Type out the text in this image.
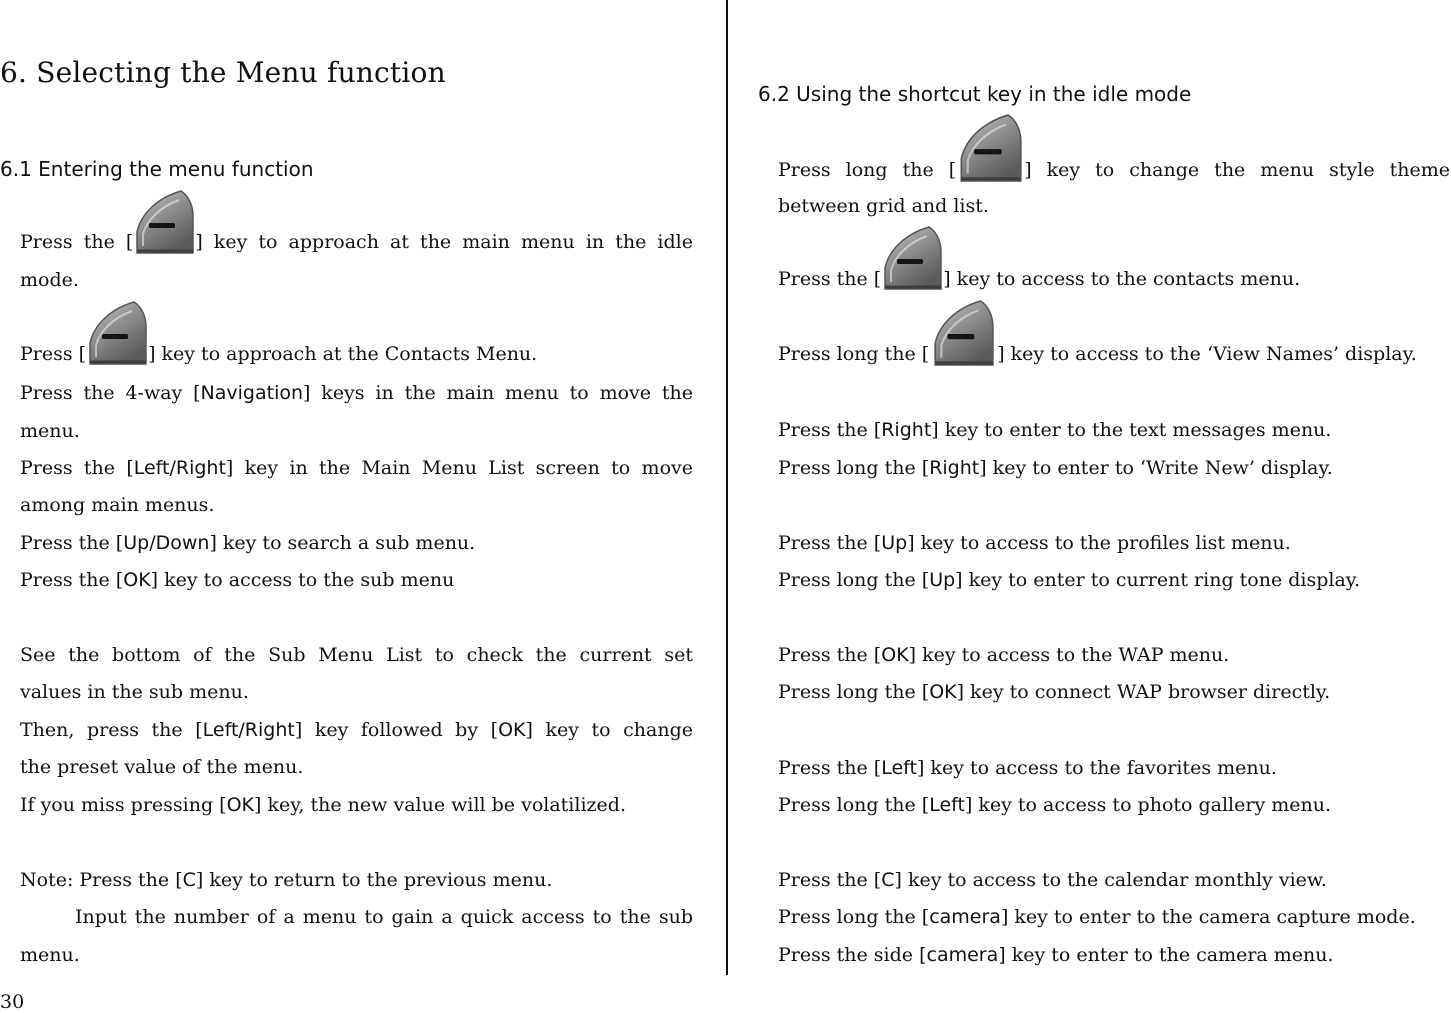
6. Selecting the Menu function
6.1 Entering the menu function
Press the [	] key to approach at the main menu in the idle
mode.
Press [	] key to approach at the Contacts Menu.
Press the 4-way [Navigation] keys in the main menu to move the
menu.
Press the [Left/Right] key in the Main Menu List screen to move
among main menus.
Press the [Up/Down] key to search a sub menu.
Press the [OK] key to access to the sub menu
See the bottom of the Sub Menu List to check the current set
values in the sub menu.
Then, press the [Left/Right] key followed by [OK] key to change
the preset value of the menu.
If you miss pressing [OK] key, the new value will be volatilized.
Note: Press the [C] key to return to the previous menu.
Input the number of a menu to gain a quick access to the sub
menu.
30
6.2 Using the shortcut key in the idle mode
Press long the [	] key to change the menu style theme
between grid and list.
Press the [	] key to access to the contacts menu.
Press long the [	] key to access to the ‘View Names’ display.
Press the [Right] key to enter to the text messages menu.
Press long the [Right] key to enter to ‘Write New’ display.
Press the [Up] key to access to the profiles list menu.
Press long the [Up] key to enter to current ring tone display.
Press the [OK] key to access to the WAP menu.
Press long the [OK] key to connect WAP browser directly.
Press the [Left] key to access to the favorites menu.
Press long the [Left] key to access to photo gallery menu.
Press the [C] key to access to the calendar monthly view.
Press long the [camera] key to enter to the camera capture mode.
Press the side [camera] key to enter to the camera menu.
